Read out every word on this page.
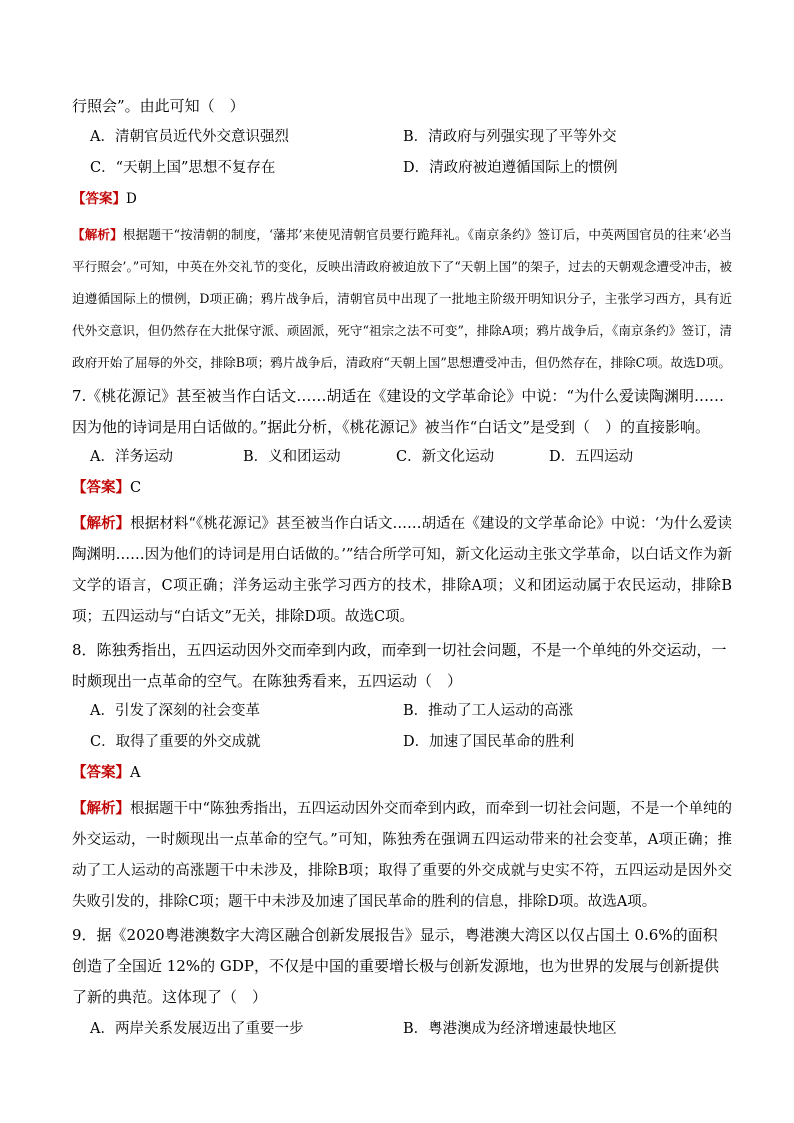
行照会”。由此可知（　）
A．清朝官员近代外交意识强烈	B．清政府与列强实现了平等外交
C．“天朝上国”思想不复存在	D．清政府被迫遵循国际上的惯例
【答案】D
【解析】根据题干“按清朝的制度，‘藩邦’来使见清朝官员要行跪拜礼。《南京条约》签订后，中英两国官员的往来‘必当平行照会’。”可知，中英在外交礼节的变化，反映出清政府被迫放下了“天朝上国”的架子，过去的天朝观念遭受冲击，被迫遵循国际上的惯例，D项正确；鸦片战争后，清朝官员中出现了一批地主阶级开明知识分子，主张学习西方，具有近代外交意识，但仍然存在大批保守派、顽固派，死守“祖宗之法不可变”，排除A项；鸦片战争后，《南京条约》签订，清政府开始了屈辱的外交，排除B项；鸦片战争后，清政府“天朝上国”思想遭受冲击，但仍然存在，排除C项。故选D项。
7.《桃花源记》甚至被当作白话文……胡适在《建设的文学革命论》中说：“为什么爱读陶渊明……因为他的诗词是用白话做的。”据此分析，《桃花源记》被当作“白话文”是受到（　）的直接影响。
A．洋务运动	B．义和团运动	C．新文化运动	D．五四运动
【答案】C
【解析】根据材料“《桃花源记》甚至被当作白话文……胡适在《建设的文学革命论》中说：‘为什么爱读陶渊明……因为他们的诗词是用白话做的。’”结合所学可知，新文化运动主张文学革命，以白话文作为新文学的语言，C项正确；洋务运动主张学习西方的技术，排除A项；义和团运动属于农民运动，排除B项；五四运动与“白话文”无关，排除D项。故选C项。
8．陈独秀指出，五四运动因外交而牵到内政，而牵到一切社会问题，不是一个单纯的外交运动，一时颇现出一点革命的空气。在陈独秀看来，五四运动（　）
A．引发了深刻的社会变革	B．推动了工人运动的高涨
C．取得了重要的外交成就	D．加速了国民革命的胜利
【答案】A
【解析】根据题干中“陈独秀指出，五四运动因外交而牵到内政，而牵到一切社会问题，不是一个单纯的外交运动，一时颇现出一点革命的空气。”可知，陈独秀在强调五四运动带来的社会变革，A项正确；推动了工人运动的高涨题干中未涉及，排除B项；取得了重要的外交成就与史实不符，五四运动是因外交失败引发的，排除C项；题干中未涉及加速了国民革命的胜利的信息，排除D项。故选A项。
9．据《2020粤港澳数字大湾区融合创新发展报告》显示，粤港澳大湾区以仅占国土 0.6%的面积创造了全国近 12%的 GDP，不仅是中国的重要增长极与创新发源地，也为世界的发展与创新提供了新的典范。这体现了（　）
A．两岸关系发展迈出了重要一步	B．粤港澳成为经济增速最快地区
